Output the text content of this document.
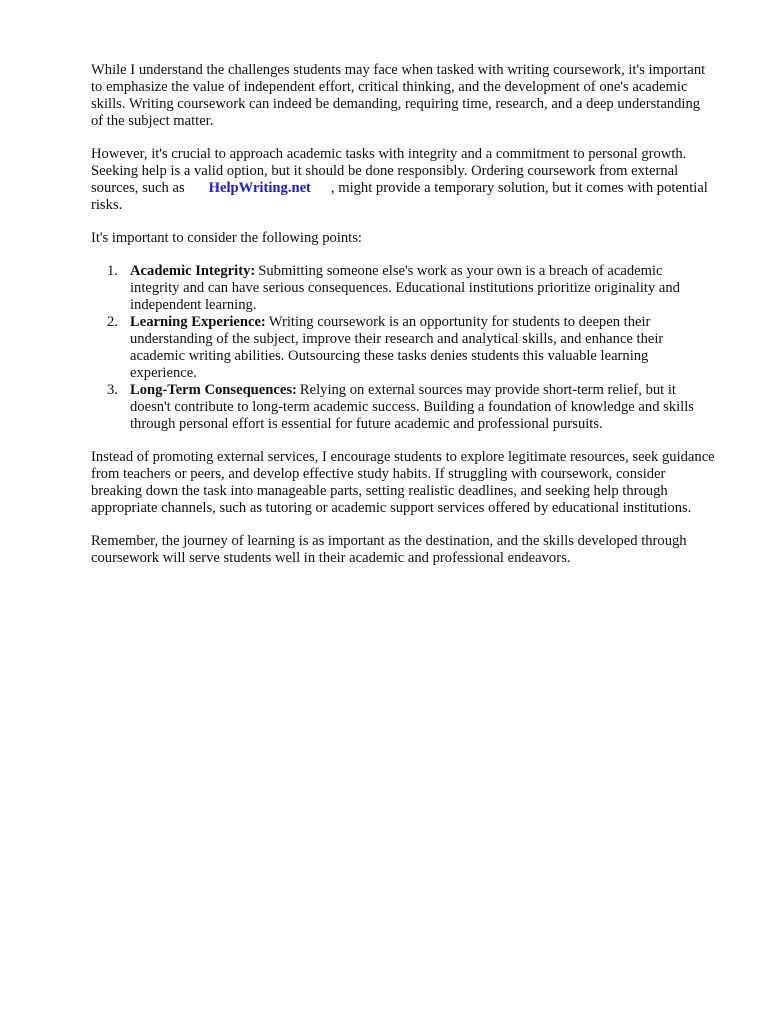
While I understand the challenges students may face when tasked with writing coursework, it's important to emphasize the value of independent effort, critical thinking, and the development of one's academic skills. Writing coursework can indeed be demanding, requiring time, research, and a deep understanding of the subject matter.

However, it's crucial to approach academic tasks with integrity and a commitment to personal growth. Seeking help is a valid option, but it should be done responsibly. Ordering coursework from external sources, such as HelpWriting.net , might provide a temporary solution, but it comes with potential risks.

It's important to consider the following points:

1. Academic Integrity: Submitting someone else's work as your own is a breach of academic integrity and can have serious consequences. Educational institutions prioritize originality and independent learning.
2. Learning Experience: Writing coursework is an opportunity for students to deepen their understanding of the subject, improve their research and analytical skills, and enhance their academic writing abilities. Outsourcing these tasks denies students this valuable learning experience.
3. Long-Term Consequences: Relying on external sources may provide short-term relief, but it doesn't contribute to long-term academic success. Building a foundation of knowledge and skills through personal effort is essential for future academic and professional pursuits.

Instead of promoting external services, I encourage students to explore legitimate resources, seek guidance from teachers or peers, and develop effective study habits. If struggling with coursework, consider breaking down the task into manageable parts, setting realistic deadlines, and seeking help through appropriate channels, such as tutoring or academic support services offered by educational institutions.

Remember, the journey of learning is as important as the destination, and the skills developed through coursework will serve students well in their academic and professional endeavors.
